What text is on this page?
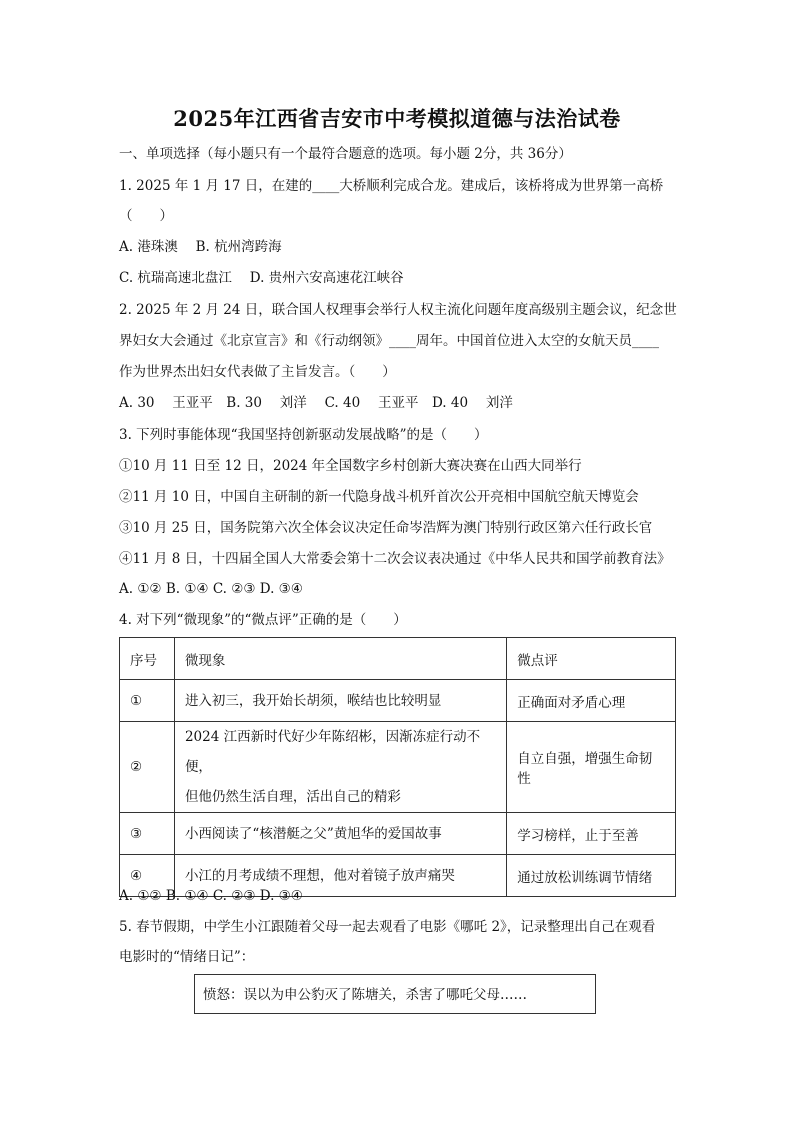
2025年江西省吉安市中考模拟道德与法治试卷
一、单项选择（每小题只有一个最符合题意的选项。每小题 2分，共 36分）
1. 2025 年 1 月 17 日，在建的____大桥顺利完成合龙。建成后，该桥将成为世界第一高桥
（　　）
A. 港珠澳　 B. 杭州湾跨海
C. 杭瑞高速北盘江　 D. 贵州六安高速花江峡谷
2. 2025 年 2 月 24 日，联合国人权理事会举行人权主流化问题年度高级别主题会议，纪念世
界妇女大会通过《北京宣言》和《行动纲领》____周年。中国首位进入太空的女航天员____
作为世界杰出妇女代表做了主旨发言。（　　）
A. 30　 王亚平　B. 30　 刘洋　 C. 40　 王亚平　D. 40　 刘洋
3. 下列时事能体现“我国坚持创新驱动发展战略”的是（　　）
①10 月 11 日至 12 日，2024 年全国数字乡村创新大赛决赛在山西大同举行
②11 月 10 日，中国自主研制的新一代隐身战斗机歼首次公开亮相中国航空航天博览会
③10 月 25 日，国务院第六次全体会议决定任命岑浩辉为澳门特别行政区第六任行政长官
④11 月 8 日，十四届全国人大常委会第十二次会议表决通过《中华人民共和国学前教育法》
A. ①② B. ①④ C. ②③ D. ③④
4. 对下列“微现象”的“微点评”正确的是（　　）
序号	微现象	微点评
①	进入初三，我开始长胡须，喉结也比较明显	正确面对矛盾心理
②	2024 江西新时代好少年陈绍彬，因渐冻症行动不便，
但他仍然生活自理，活出自己的精彩	自立自强，增强生命韧性
③	小西阅读了“核潜艇之父”黄旭华的爱国故事	学习榜样，止于至善
④	小江的月考成绩不理想，他对着镜子放声痛哭	通过放松训练调节情绪
A. ①② B. ①④ C. ②③ D. ③④
5. 春节假期，中学生小江跟随着父母一起去观看了电影《哪吒 2》，记录整理出自己在观看
电影时的“情绪日记”：
愤怒：误以为申公豹灭了陈塘关，杀害了哪吒父母……
